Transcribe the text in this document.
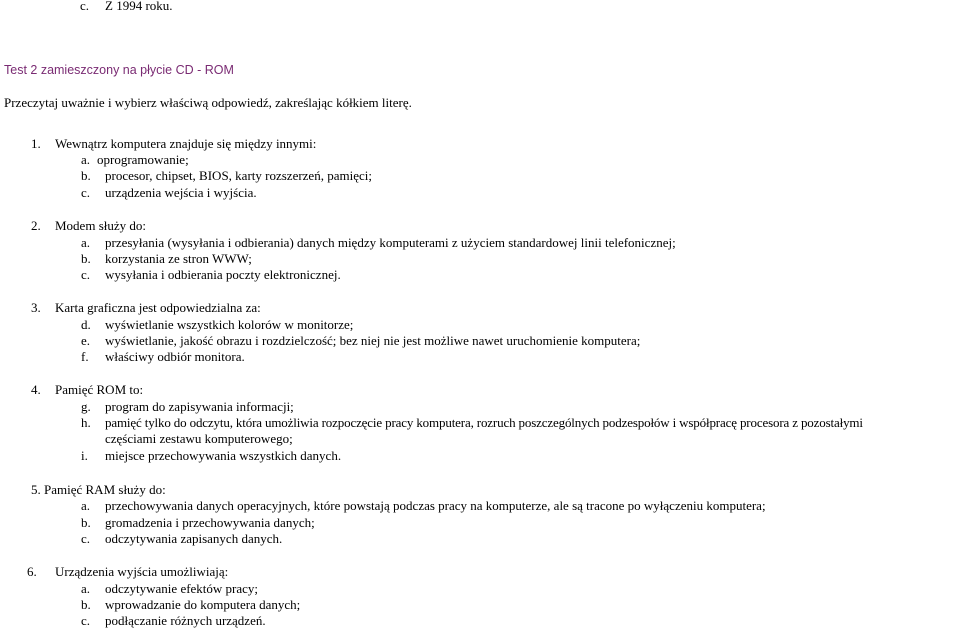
c. Z 1994 roku.
Test 2 zamieszczony na płycie CD - ROM
Przeczytaj uważnie i wybierz właściwą odpowiedź, zakreślając kółkiem literę.
1. Wewnątrz komputera znajduje się między innymi:
a. oprogramowanie;
b. procesor, chipset, BIOS, karty rozszerzeń, pamięci;
c. urządzenia wejścia i wyjścia.
2. Modem służy do:
a. przesyłania (wysyłania i odbierania) danych między komputerami z użyciem standardowej linii telefonicznej;
b. korzystania ze stron WWW;
c. wysyłania i odbierania poczty elektronicznej.
3. Karta graficzna jest odpowiedzialna za:
d. wyświetlanie wszystkich kolorów w monitorze;
e. wyświetlanie, jakość obrazu i rozdzielczość; bez niej nie jest możliwe nawet uruchomienie komputera;
f. właściwy odbiór monitora.
4. Pamięć ROM to:
g. program do zapisywania informacji;
h. pamięć tylko do odczytu, która umożliwia rozpoczęcie pracy komputera, rozruch poszczególnych podzespołów i współpracę procesora z pozostałymi
częściami zestawu komputerowego;
i. miejsce przechowywania wszystkich danych.
5. Pamięć RAM służy do:
a. przechowywania danych operacyjnych, które powstają podczas pracy na komputerze, ale są tracone po wyłączeniu komputera;
b. gromadzenia i przechowywania danych;
c. odczytywania zapisanych danych.
6. Urządzenia wyjścia umożliwiają:
a. odczytywanie efektów pracy;
b. wprowadzanie do komputera danych;
c. podłączanie różnych urządzeń.
